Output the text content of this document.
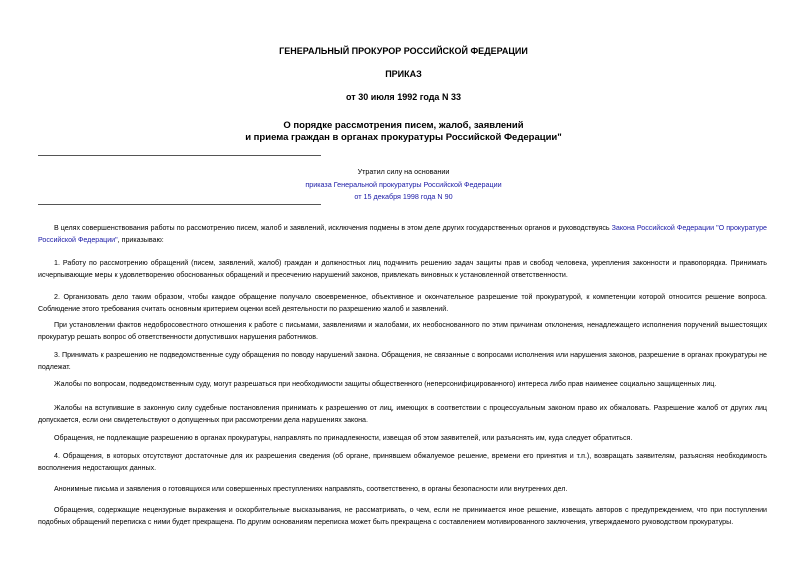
ГЕНЕРАЛЬНЫЙ ПРОКУРОР РОССИЙСКОЙ ФЕДЕРАЦИИ
ПРИКАЗ
от 30 июля 1992 года N 33
О порядке рассмотрения писем, жалоб, заявлений
и приема граждан в органах прокуратуры Российской Федерации"
Утратил силу на основании
приказа Генеральной прокуратуры Российской Федерации
от 15 декабря 1998 года N 90
В целях совершенствования работы по рассмотрению писем, жалоб и заявлений, исключения подмены в этом деле других государственных органов и руководствуясь Закона Российской Федерации "О прокуратуре Российской Федерации", приказываю:
1. Работу по рассмотрению обращений (писем, заявлений, жалоб) граждан и должностных лиц подчинить решению задач защиты прав и свобод человека, укрепления законности и правопорядка. Принимать исчерпывающие меры к удовлетворению обоснованных обращений и пресечению нарушений законов, привлекать виновных к установленной ответственности.
2. Организовать дело таким образом, чтобы каждое обращение получало своевременное, объективное и окончательное разрешение той прокуратурой, к компетенции которой относится решение вопроса. Соблюдение этого требования считать основным критерием оценки всей деятельности по разрешению жалоб и заявлений.
При установлении фактов недобросовестного отношения к работе с письмами, заявлениями и жалобами, их необоснованного по этим причинам отклонения, ненадлежащего исполнения поручений вышестоящих прокуратур решать вопрос об ответственности допустивших нарушения работников.
3. Принимать к разрешению не подведомственные суду обращения по поводу нарушений закона. Обращения, не связанные с вопросами исполнения или нарушения законов, разрешение в органах прокуратуры не подлежат.
Жалобы по вопросам, подведомственным суду, могут разрешаться при необходимости защиты общественного (неперсонифицированного) интереса либо прав наименее социально защищенных лиц.
Жалобы на вступившие в законную силу судебные постановления принимать к разрешению от лиц, имеющих в соответствии с процессуальным законом право их обжаловать. Разрешение жалоб от других лиц допускается, если они свидетельствуют о допущенных при рассмотрении дела нарушениях закона.
Обращения, не подлежащие разрешению в органах прокуратуры, направлять по принадлежности, извещая об этом заявителей, или разъяснять им, куда следует обратиться.
4. Обращения, в которых отсутствуют достаточные для их разрешения сведения (об органе, принявшем обжалуемое решение, времени его принятия и т.п.), возвращать заявителям, разъясняя необходимость восполнения недостающих данных.
Анонимные письма и заявления о готовящихся или совершенных преступлениях направлять, соответственно, в органы безопасности или внутренних дел.
Обращения, содержащие нецензурные выражения и оскорбительные высказывания, не рассматривать, о чем, если не принимается иное решение, извещать авторов с предупреждением, что при поступлении подобных обращений переписка с ними будет прекращена. По другим основаниям переписка может быть прекращена с составлением мотивированного заключения, утверждаемого руководством прокуратуры.
